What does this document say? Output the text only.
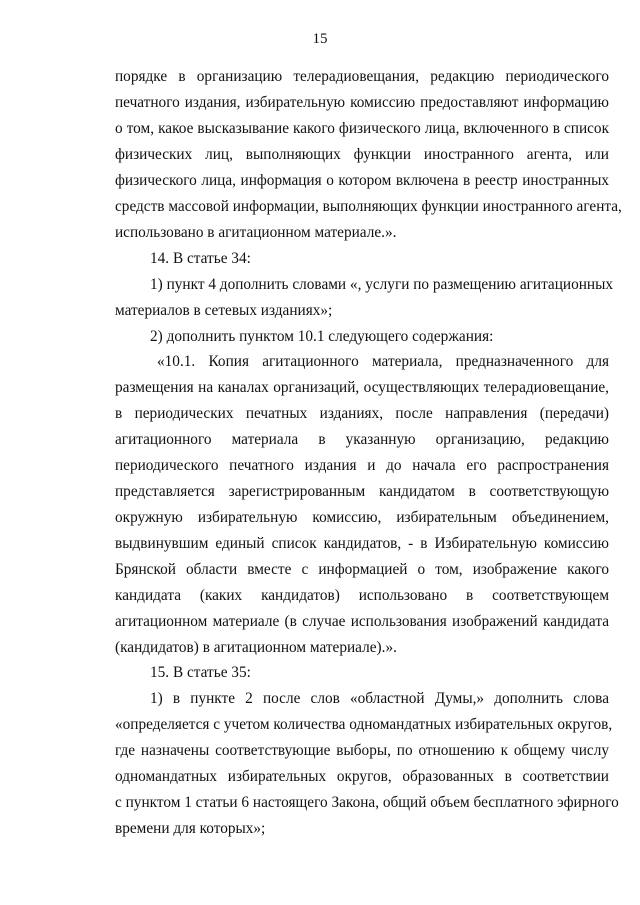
15
порядке в организацию телерадиовещания, редакцию периодического
печатного издания, избирательную комиссию предоставляют информацию
о том, какое высказывание какого физического лица, включенного в список
физических лиц, выполняющих функции иностранного агента, или
физического лица, информация о котором включена в реестр иностранных
средств массовой информации, выполняющих функции иностранного агента,
использовано в агитационном материале.».
14. В статье 34:
1) пункт 4 дополнить словами «, услуги по размещению агитационных
материалов в сетевых изданиях»;
2) дополнить пунктом 10.1 следующего содержания:
«10.1. Копия агитационного материала, предназначенного для
размещения на каналах организаций, осуществляющих телерадиовещание,
в периодических печатных изданиях, после направления (передачи)
агитационного материала в указанную организацию, редакцию
периодического печатного издания и до начала его распространения
представляется зарегистрированным кандидатом в соответствующую
окружную избирательную комиссию, избирательным объединением,
выдвинувшим единый список кандидатов, - в Избирательную комиссию
Брянской области вместе с информацией о том, изображение какого
кандидата (каких кандидатов) использовано в соответствующем
агитационном материале (в случае использования изображений кандидата
(кандидатов) в агитационном материале).».
15. В статье 35:
1) в пункте 2 после слов «областной Думы,» дополнить слова
«определяется с учетом количества одномандатных избирательных округов,
где назначены соответствующие выборы, по отношению к общему числу
одномандатных избирательных округов, образованных в соответствии
с пунктом 1 статьи 6 настоящего Закона, общий объем бесплатного эфирного
времени для которых»;
